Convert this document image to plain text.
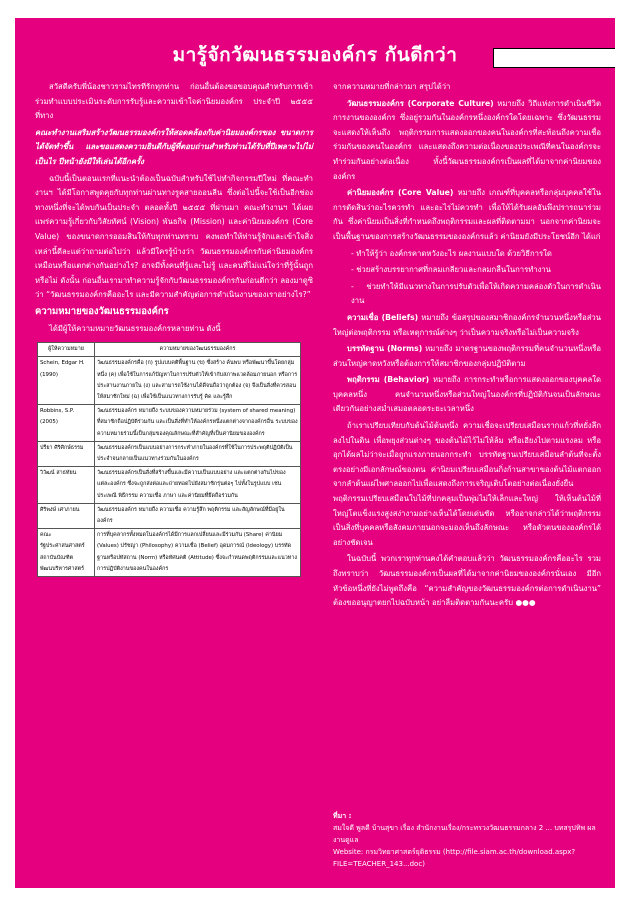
มารู้จักวัฒนธรรมองค์กร กันดีกว่า

สวัสดีครับพี่น้องชาวรามไทรทีรักทุกท่าน ก่อนอื่นต้องขอขอบคุณสำหรับการเข้าร่วมทำแบบประเมินระดับการรับรู้และความเข้าใจค่านิยมองค์กร ประจำปี ๒๕๕๕ ที่ทาง

คณะทำงานเสริมสร้างวัฒนธรรมองค์กรให้สอดคล้องกับค่านิยมองค์กรของ ขนาดการได้จัดทำขึ้น และขอแสดงความยินดีกับผู้ที่ตอบถ่านสำหรับท่านได้รับที่ปีเพลาะไปไม่เป็นไร ปีหน้ายังมีให้เล่นได้อีกครั้ง

ฉบับนี้เป็นตอนแรกที่แนะนำต้องเป็นฉบับสำหรับใช้ไปทำกิจกรรมปีใหม่ ที่คณะทำงานฯ ได้มีโอกาสพูดคุยกับทุกท่านผ่านทางรูคสายออนลีน ซึ่งต่อไปนี้จะใช้เป็นอีกช่องทางหนึ่งที่จะได้พบกันเป็นประจำ ตลอดทั้งปี ๒๕๕๕ ที่ผ่านมา คณะทำงานฯ ได้เผยแพร่ความรู้เกี่ยวกับวิสัยทัศน์ (Vision) พันธกิจ (Mission) และค่านิยมองค์กร (Core Value) ของขนาดการออมสินให้กับทุกท่านทราบ คงพอทำให้ท่านรู้จักและเข้าใจสิ่งเหล่านี้ดีละแต่ว่าถามต่อไปว่า แล้วมีใครรู้บ้างว่า วัฒนธรรมองค์กรกับค่านิยมองค์กรเหมือนหรือแตกต่างกันอย่างไร? อาจมีทั้งคนที่รู้และไม่รู้ และคนที่ไม่แน่ใจว่าที่รู้นั้นถูกหรือไม่ ดังนั้น ก่อนอื่นเรามาทำความรู้จักกับวัฒนธรรมองค์กรกันก่อนดีกว่า ลองมาดูซิว่า “วัฒนธรรมองค์กรคืออะไร และมีความสำคัญต่อการดำเนินงานของเราอย่างไร?”

ความหมายของวัฒนธรรมองค์กร

ได้มีผู้ให้ความหมายวัฒนธรรมองค์กรหลายท่าน ดังนี้

ผู้ให้ความหมาย	ความหมายของวัฒนธรรมองค์กร
Schein, Edgar H. (1990)	วัฒนธรรมองค์กรคือ (ก) รูปแบบคติพื้นฐาน (ข) ซึ่งสร้าง ค้นพบ หรือพัฒนาขึ้นโดยกลุ่มหนึ่ง (ค) เพื่อใช้ในการแก้ปัญหาในการปรับตัวให้เข้ากับสภาพแวดล้อมภายนอก หรือการประสานงานภายใน (ง) และสามารถใช้งานได้ดีจนถือว่าถูกต้อง (จ) จึงเป็นสิ่งที่ควรสอนให้สมาชิกใหม่ (ฉ) เพื่อใช้เป็นแนวทางการรับรู้ คิด และรู้สึก
Robbins, S.P. (2005)	วัฒนธรรมองค์กร หมายถึง ระบบของความหมายร่วม (system of shared meaning) ที่สมาชิกถือปฏิบัติร่วมกัน และเป็นสิ่งที่ทำให้องค์กรหนึ่งแตกต่างจากองค์กรอื่น ระบบของความหมายร่วมนี้เป็นกลุ่มของคุณลักษณะที่สำคัญที่เป็นค่านิยมขององค์กร
ปรียา ศิริศิกษ์ธรรม	วัฒนธรรมองค์กรเป็นแบบอย่างการกระทำภายในองค์กรที่ใช้ในการประพฤติปฏิบัติเป็นประจำจนกลายเป็นแนวทางร่วมกันในองค์กร
วิวัฒน์ สาธทัยน	วัฒนธรรมองค์กรเป็นสิ่งที่สร้างขึ้นและมีความเป็นแบบอย่าง และแตกต่างกันไปของแต่ละองค์กร ซึ่งจะถูกส่งต่อและถ่ายทอดไปยังสมาชิกรุ่นต่อๆ ไปทั้งในรูปแบบ เช่น ประเพณี พิธีกรรม ความเชื่อ ภาษา และค่านิยมที่ยึดถือร่วมกัน
ศิริพงษ์ เศาภายน	วัฒนธรรมองค์กร หมายถึง ความเชื่อ ความรู้สึก พฤติกรรม และสัญลักษณ์ที่มีอยู่ในองค์กร
คณะรัฐประศาสนศาสตร์ สถาบันบัณฑิตพัฒนบริหารศาสตร์	การที่บุคลากรทั้งหมดในองค์กรได้มีการแลกเปลี่ยนและมีร่วมกัน (Share) ค่านิยม (Values) ปรัชญา (Philosophy) ความเชื่อ (Belief) อุดมการณ์ (Ideology) บรรทัดฐานหรือปทัสถาน (Norm) หรือทัศนคติ (Attitude) ซึ่งจะกำหนดพฤติกรรมและแนวทางการปฏิบัติงานของคนในองค์กร

จากความหมายที่กล่าวมา สรุปได้ว่า

วัฒนธรรมองค์กร (Corporate Culture) หมายถึง วิถีแห่งการดำเนินชีวิตการงานขององค์กร ซึ่งอยู่รวมกันในองค์กรหนึ่งองค์กรใดโดยเฉพาะ ซึ่งวัฒนธรรมจะแสดงให้เห็นถึง พฤติกรรมการแสดงออกของคนในองค์กรที่สะท้อนถึงความเชื่อร่วมกันของคนในองค์กร และแสดงถึงความต่อเนื่องของประเพณีที่คนในองค์กรจะทำร่วมกันอย่างต่อเนื่อง ทั้งนี้วัฒนธรรมองค์กรเป็นผลที่ได้มาจากค่านิยมขององค์กร

ค่านิยมองค์กร (Core Value) หมายถึง เกณฑ์ที่บุคคลหรือกลุ่มบุคคลใช้ในการตัดสินว่าอะไรควรทำ และอะไรไม่ควรทำ เพื่อให้ได้รับผลอันพึงปรารถนาร่วมกัน ซึ่งค่านิยมเป็นสิ่งที่กำหนดถึงพฤติกรรมและผลที่ติดตามมา นอกจากค่านิยมจะเป็นพื้นฐานของการสร้างวัฒนธรรมขององค์กรแล้ว ค่านิยมยังมีประโยชน์อีก ได้แก่

- ทำให้รู้ว่า องค์กรคาดหวังอะไร ผลงานแบบใด ด้วยวิธีการใด

- ช่วยสร้างบรรยากาศที่กลมเกลียวและกลมกลืนในการทำงาน

- ช่วยทำให้มีแนวทางในการปรับตัวเพื่อให้เกิดความคล่องตัวในการดำเนินงาน

ความเชื่อ (Beliefs) หมายถึง ข้อสรุปของสมาชิกองค์กรจำนวนหนึ่งหรือส่วนใหญ่ต่อพฤติกรรม หรือเหตุการณ์ต่างๆ ว่าเป็นความจริงหรือไม่เป็นความจริง

บรรทัดฐาน (Norms) หมายถึง มาตรฐานของพฤติกรรมที่คนจำนวนหนึ่งหรือส่วนใหญ่คาดหวังหรือต้องการให้สมาชิกของกลุ่มปฏิบัติตาม

พฤติกรรม (Behavior) หมายถึง การกระทำหรือการแสดงออกของบุคคลใดบุคคลหนึ่ง คนจำนวนหนึ่งหรือส่วนใหญ่ในองค์กรที่ปฏิบัติกันจนเป็นลักษณะเดียวกันอย่างสม่ำเสมอตลอดระยะเวลาหนึ่ง

ถ้าเราเปรียบเทียบกับต้นไม้ต้นหนึ่ง ความเชื่อจะเปรียบเสมือนรากแก้วที่หยั่งลึกลงไปในดิน เพื่อพยุงส่วนต่างๆ ของต้นไม้ไว้ไม่ให้ล้ม หรือเอียงไปตามแรงลม หรืออุกได้ผลไม่ว่าจะเมื่อถูกแรงภายนอกกระทำ บรรทัดฐานเปรียบเสมือนลำต้นที่จะตั้งตรงอย่างมีเอกลักษณ์ของตน ค่านิยมเปรียบเสมือนกิ่งก้านสาขาของต้นไม้แตกออกจากลำต้นแผ่ไพศาลออกไปเพื่อแสดงถึงการเจริญเติบโตอย่างต่อเนื่องยั่งยืน พฤติกรรมเปรียบเสมือนใบไม้ที่ปกคลุมเป็นพุ่มไม่ให้เล็กและใหญ่ ให้เห็นต้นไม้ที่ใหญ่โตแข็งแรงสูงสง่างามอย่างเห็นได้โดยเด่นชัด หรืออาจกล่าวได้ว่าพฤติกรรมเป็นสิ่งที่บุคคลหรือสังคมภายนอกจะมองเห็นถึงลักษณะ หรือตัวตนขององค์กรได้อย่างชัดเจน

ในฉบับนี้ พวกเราทุกท่านคงได้คำตอบแล้วว่า วัฒนธรรมองค์กรคืออะไร รวมถึงทราบว่า วัฒนธรรมองค์กรเป็นผลที่ได้มาจากค่านิยมขององค์กรนั่นเอง มีอีกหัวข้อหนึ่งที่ยังไม่พูดถึงคือ “ความสำคัญของวัฒนธรรมองค์กรต่อการดำเนินงาน” ต้องขออนุญาตยกไปฉบับหน้า อย่าลืมติดตามกันนะครับ ●●●

ที่มา :

สมใจดี พูลดี บ้านสุขา เรื่อง สำนักงานเรื่อง/กระทรวงวัฒนธรรมกลาง 2 ... บทสรุปทิพ ผลงานดูแล

Website: กรมวิทยาศาสตร์ยุติธรรม (http://file.siam.ac.th/download.aspx?FILE=TEACHER_143...doc)
